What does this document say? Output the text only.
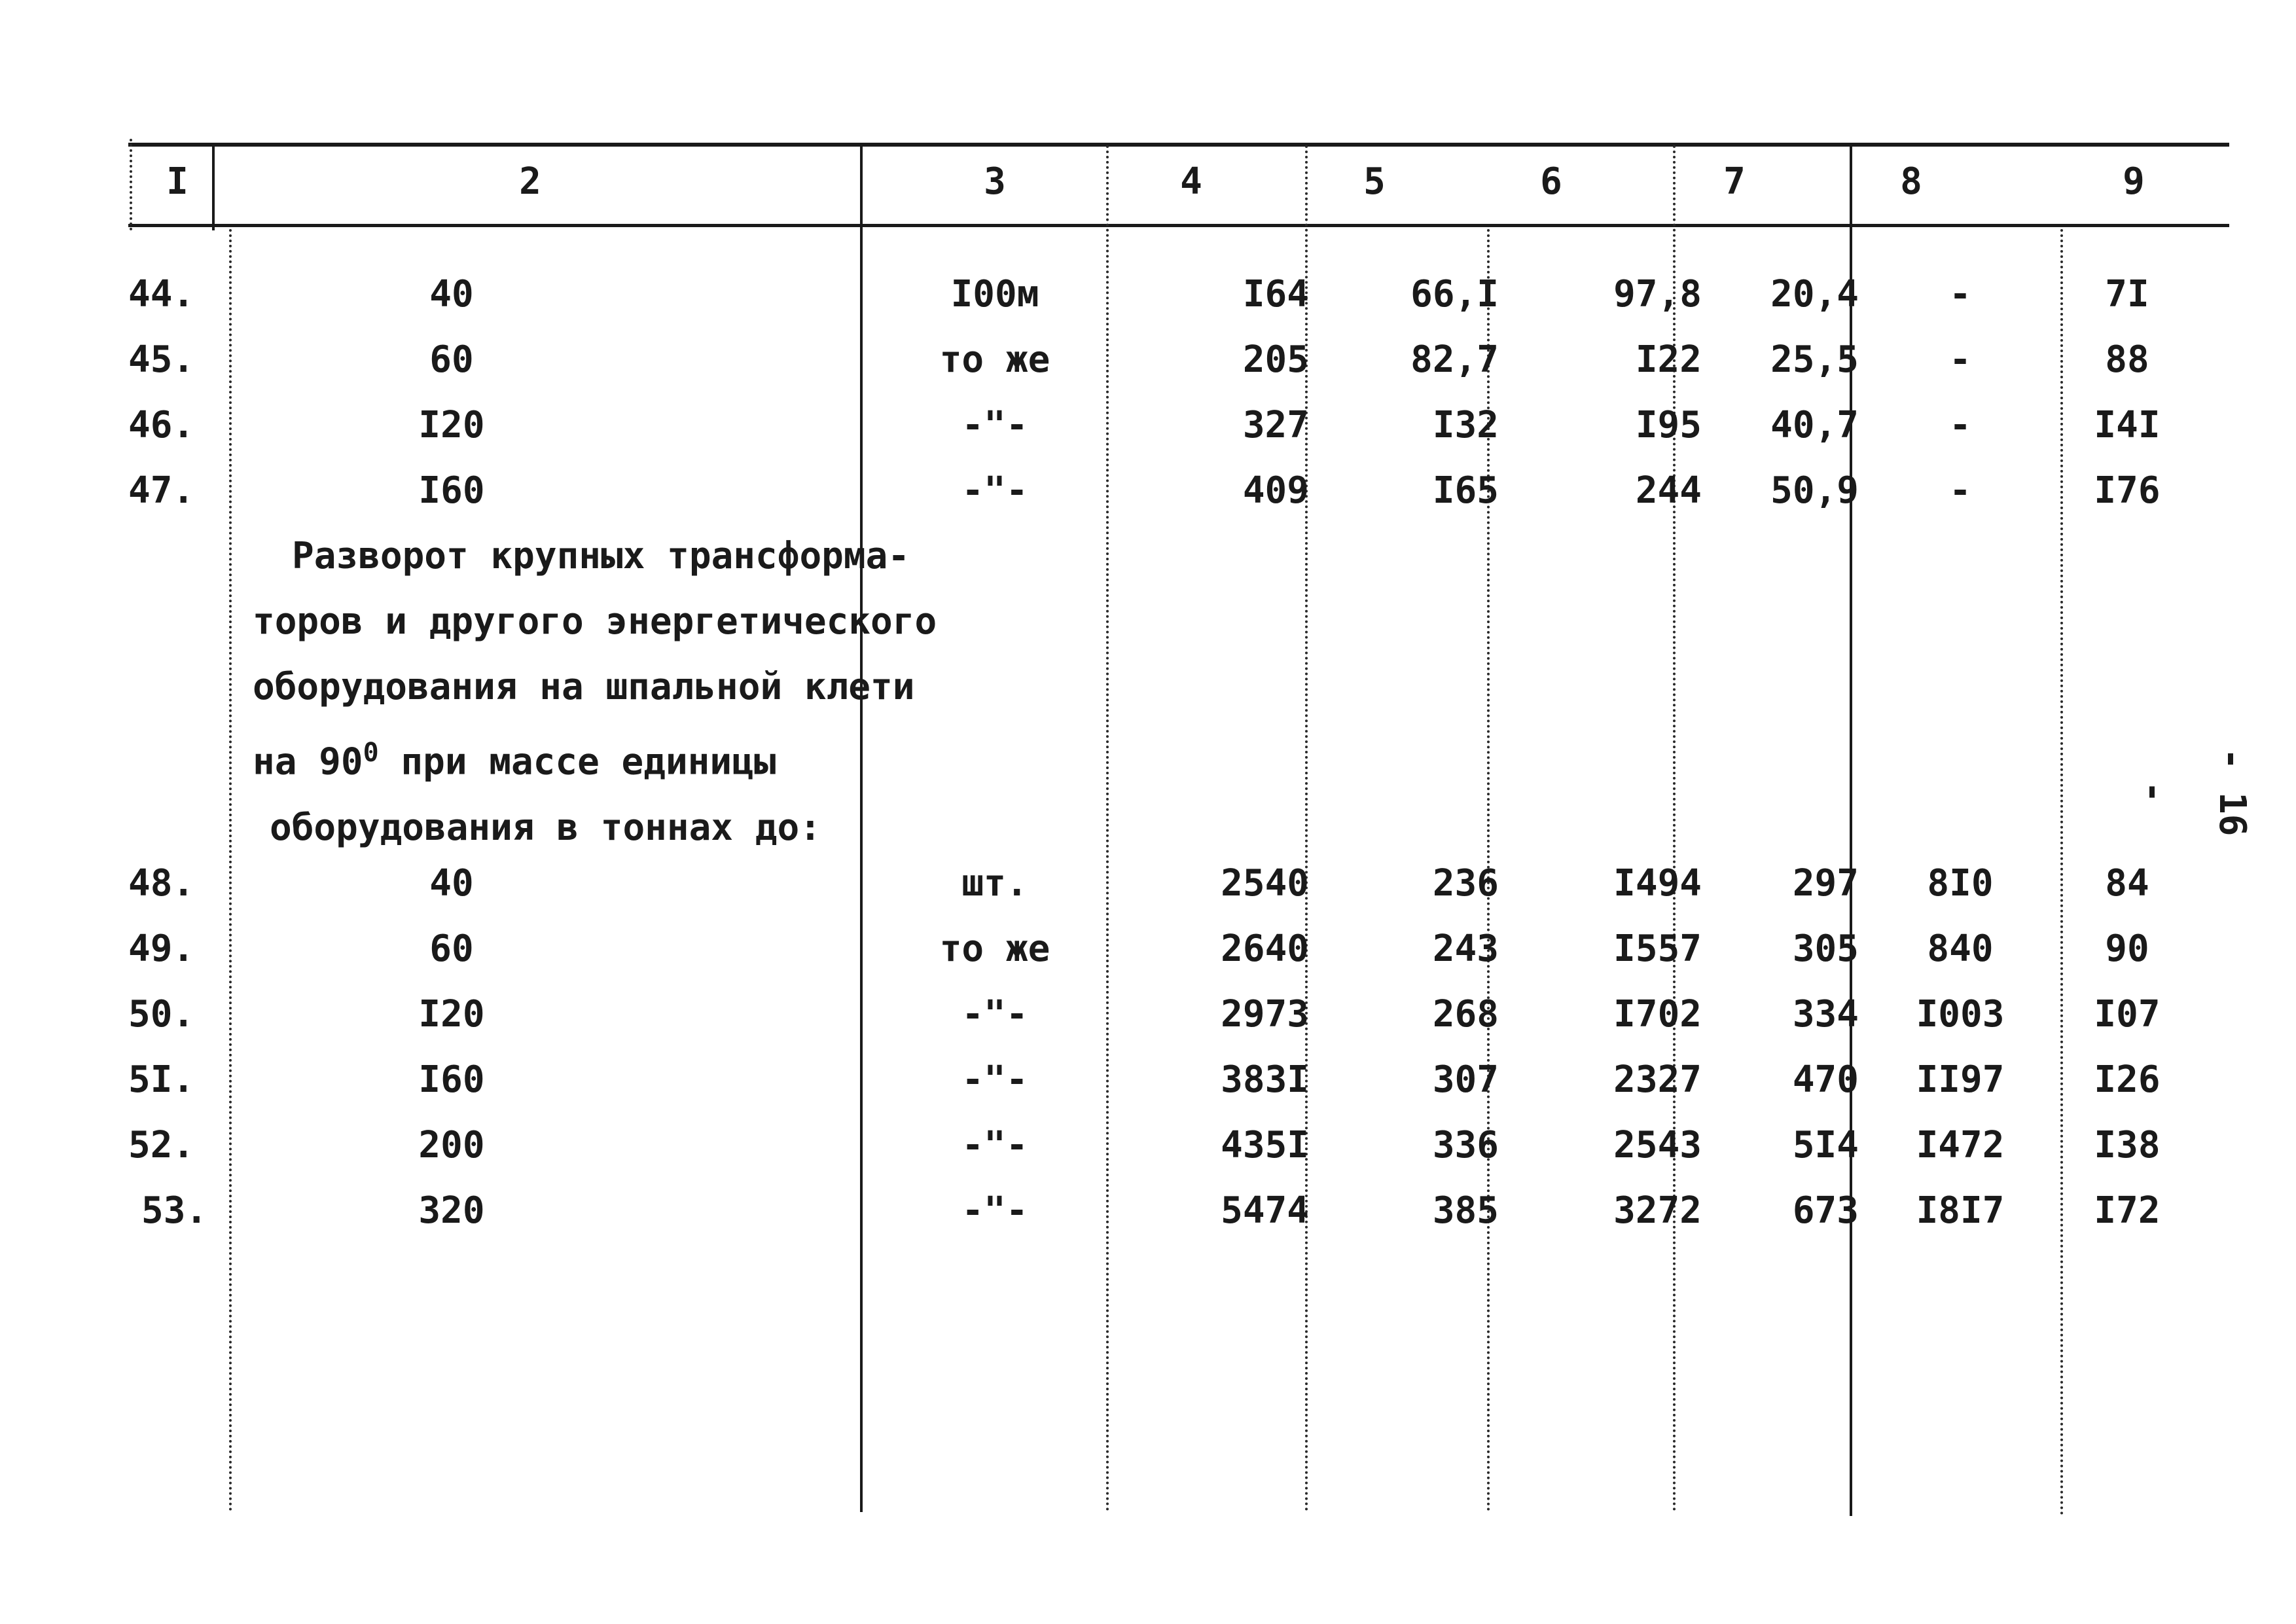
I	2	3	4	5	6	7	8	9
44.	40	I00м	I64	66,I	97,8	20,4	-	7I
45.	60	то же	205	82,7	I22	25,5	-	88
46.	I20	-"-	327	I32	I95	40,7	-	I4I
47.	I60	-"-	409	I65	244	50,9	-	I76
Разворот крупных трансформа-
торов и другого энергетического
оборудования на шпальной клети
на $90^0$ при массе единицы
оборудования в тоннах до:
48.	40	шт.	2540	236	I494	297	8I0	84
49.	60	то же	2640	243	I557	305	840	90
50.	I20	-"-	2973	268	I702	334	I003	I07
5I.	I60	-"-	383I	307	2327	470	II97	I26
52.	200	-"-	435I	336	2543	5I4	I472	I38
53.	320	-"-	5474	385	3272	673	I8I7	I72
- 16 -
